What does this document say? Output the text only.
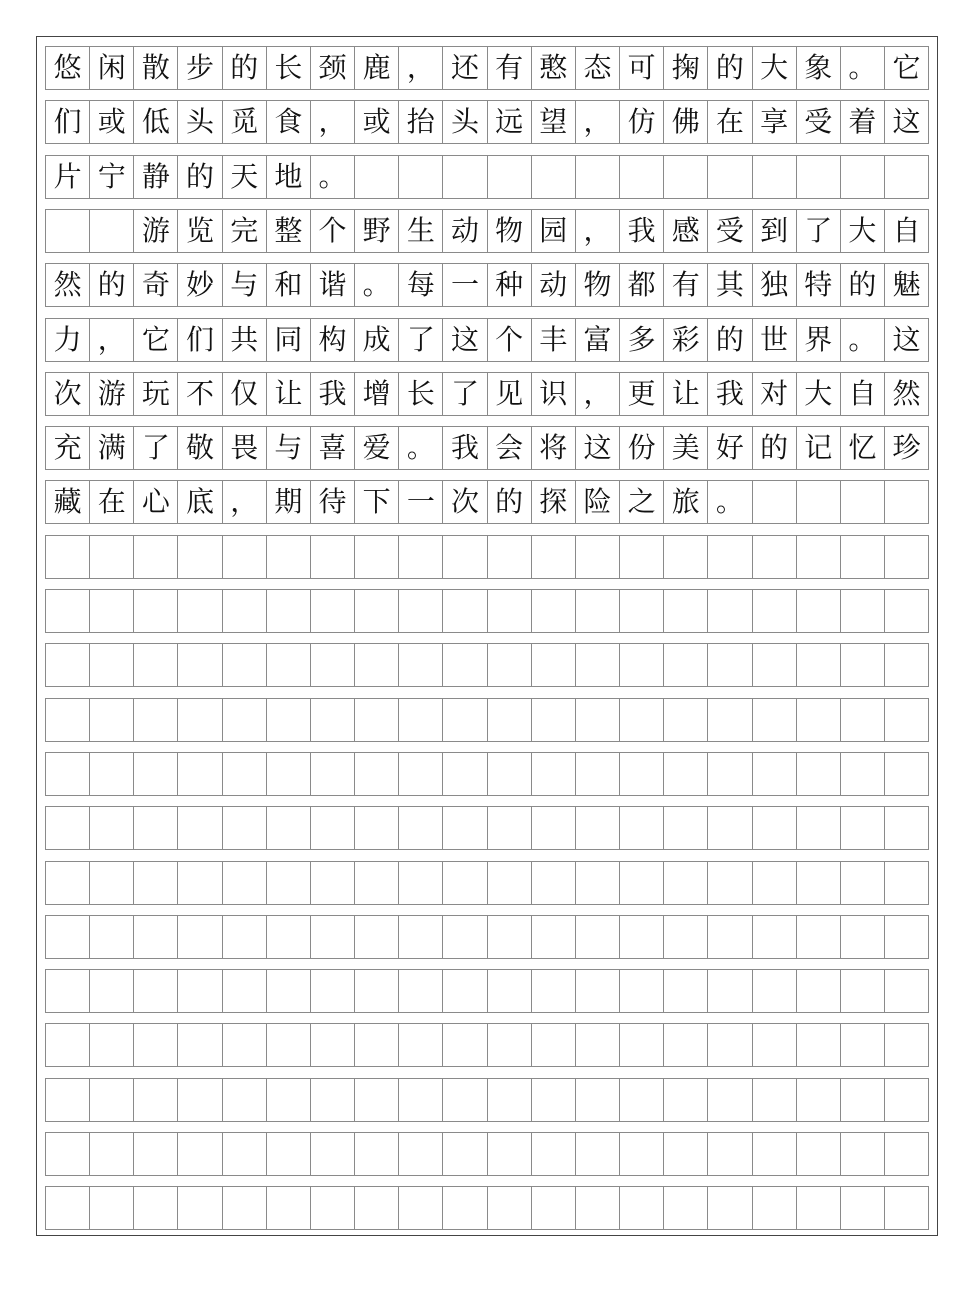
悠 闲 散 步 的 长 颈 鹿 ， 还 有 憨 态 可 掬 的 大 象 。 它
们 或 低 头 觅 食 ， 或 抬 头 远 望 ， 仿 佛 在 享 受 着 这
片 宁 静 的 天 地 。
游 览 完 整 个 野 生 动 物 园 ， 我 感 受 到 了 大 自
然 的 奇 妙 与 和 谐 。 每 一 种 动 物 都 有 其 独 特 的 魅
力 ， 它 们 共 同 构 成 了 这 个 丰 富 多 彩 的 世 界 。 这
次 游 玩 不 仅 让 我 增 长 了 见 识 ， 更 让 我 对 大 自 然
充 满 了 敬 畏 与 喜 爱 。 我 会 将 这 份 美 好 的 记 忆 珍
藏 在 心 底 ， 期 待 下 一 次 的 探 险 之 旅 。
